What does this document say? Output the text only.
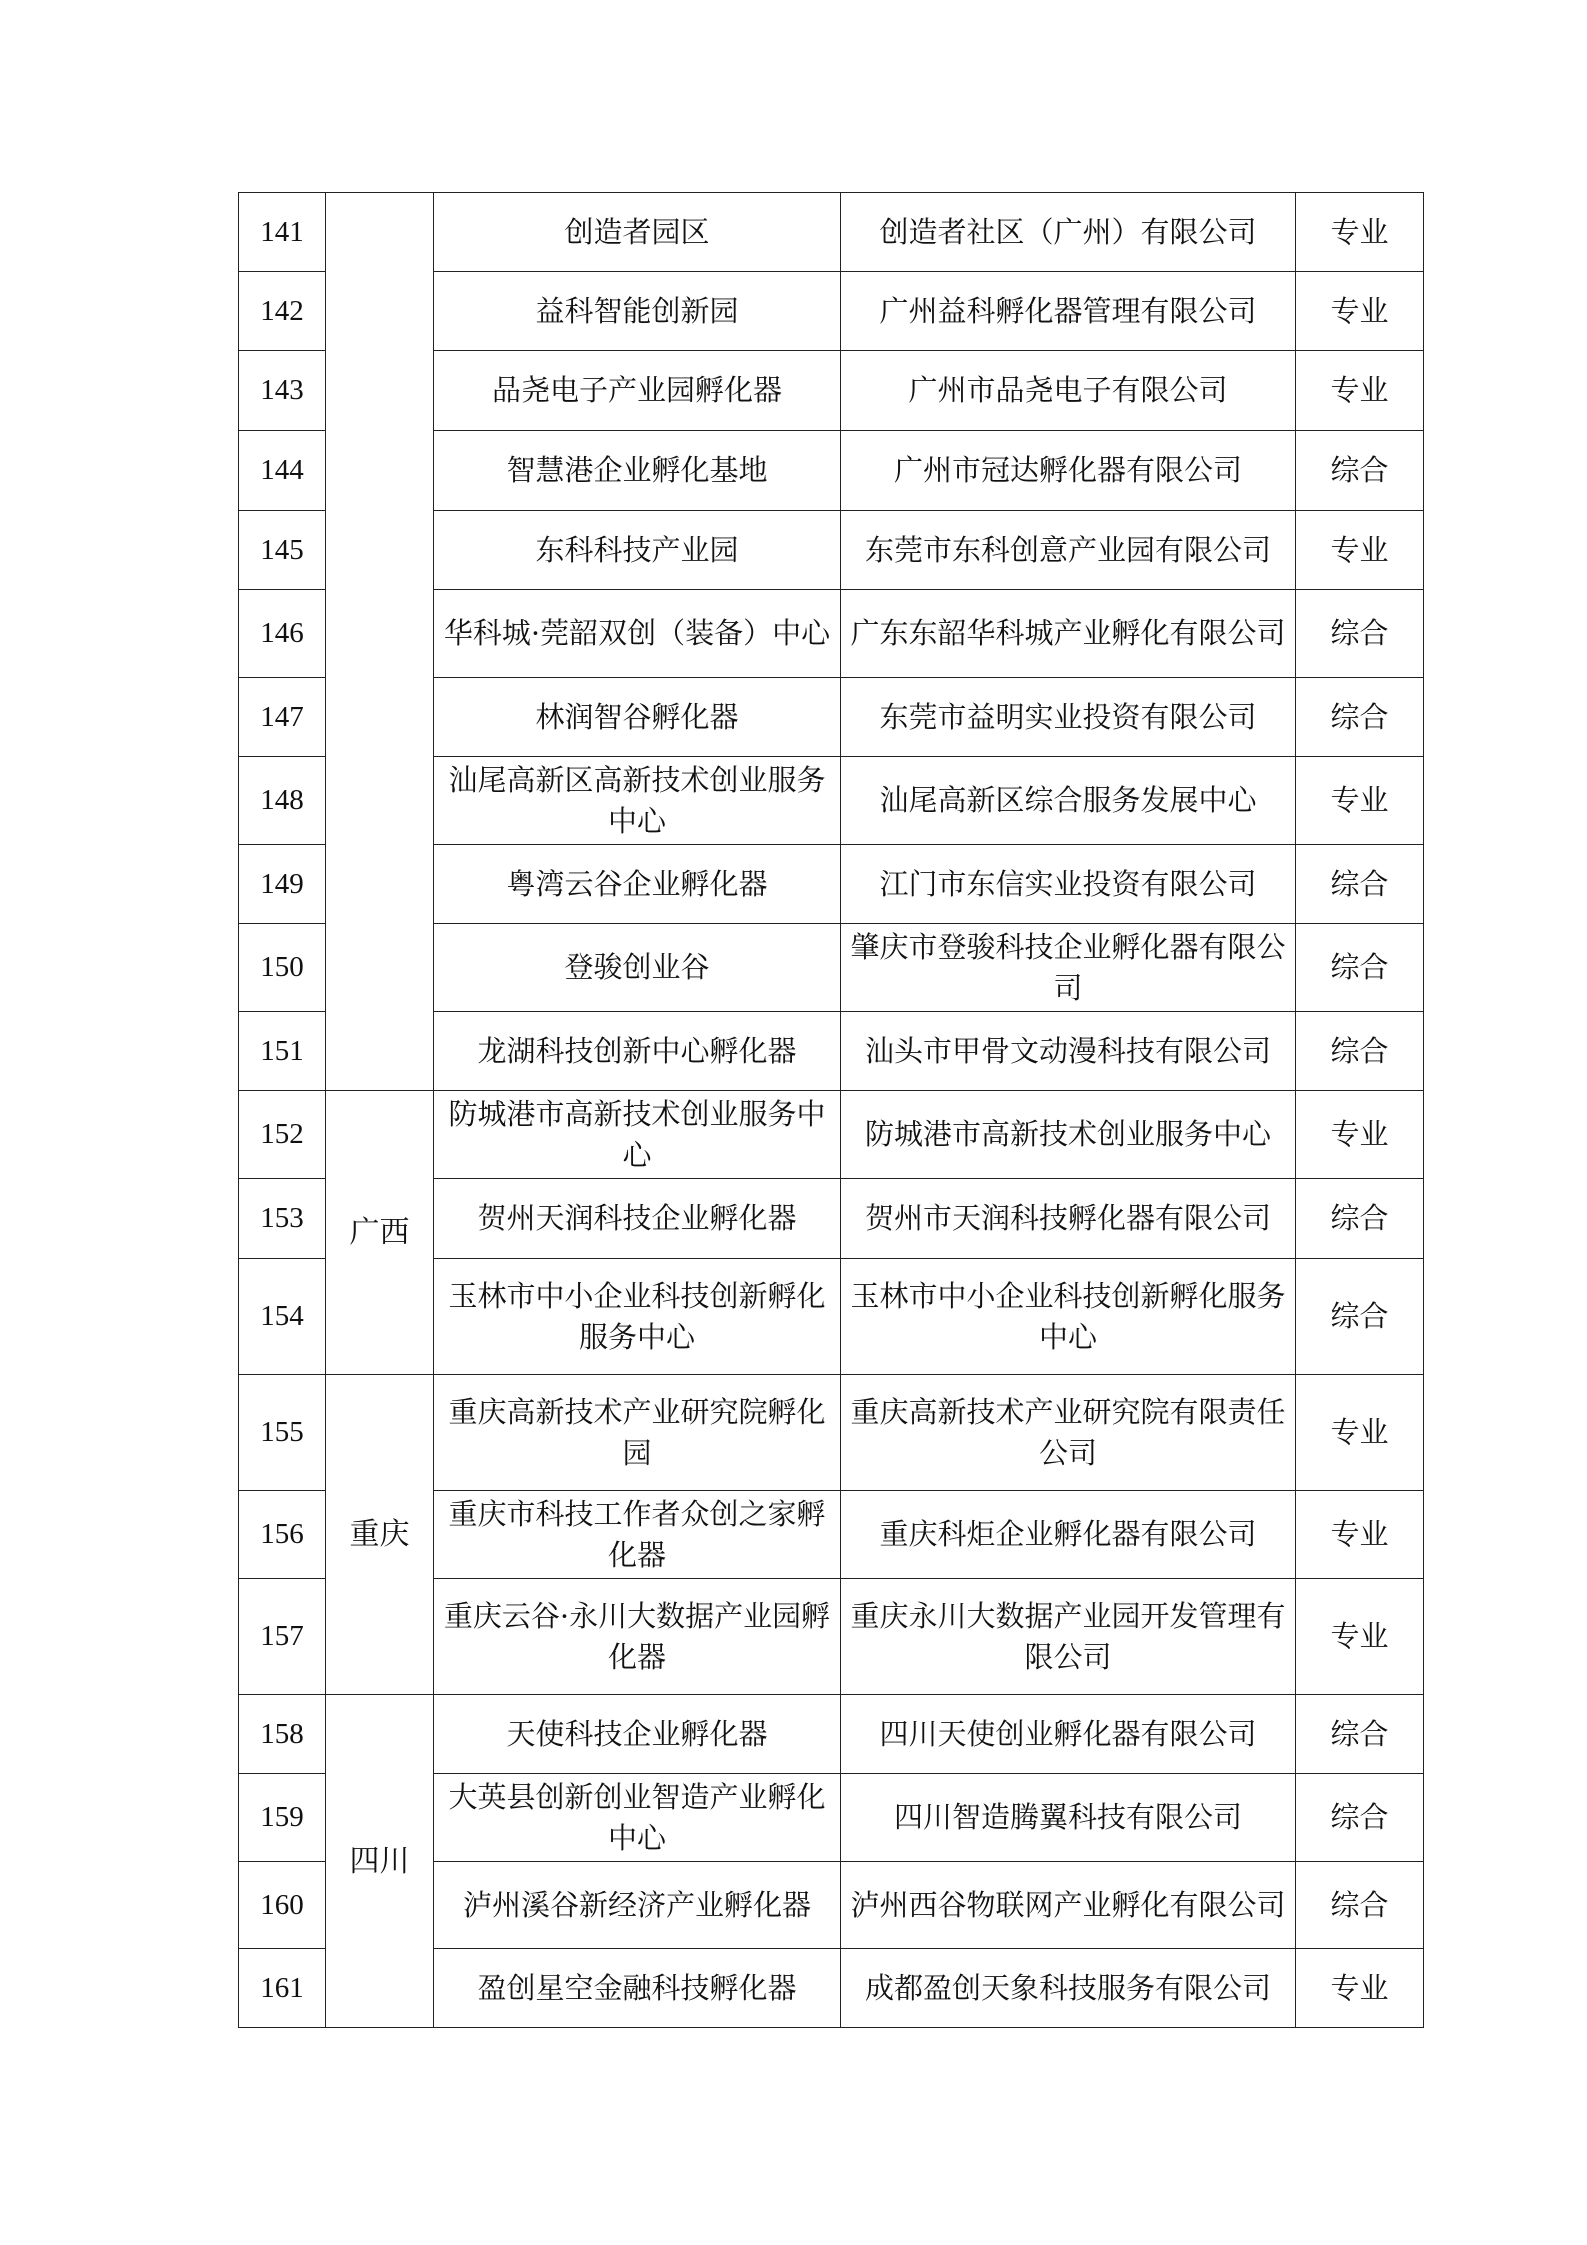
141		创造者园区	创造者社区（广州）有限公司	专业
142		益科智能创新园	广州益科孵化器管理有限公司	专业
143		品尧电子产业园孵化器	广州市品尧电子有限公司	专业
144		智慧港企业孵化基地	广州市冠达孵化器有限公司	综合
145		东科科技产业园	东莞市东科创意产业园有限公司	专业
146		华科城·莞韶双创（装备）中心	广东东韶华科城产业孵化有限公司	综合
147		林润智谷孵化器	东莞市益明实业投资有限公司	综合
148		汕尾高新区高新技术创业服务中心	汕尾高新区综合服务发展中心	专业
149		粤湾云谷企业孵化器	江门市东信实业投资有限公司	综合
150		登骏创业谷	肇庆市登骏科技企业孵化器有限公司	综合
151		龙湖科技创新中心孵化器	汕头市甲骨文动漫科技有限公司	综合
152	广西	防城港市高新技术创业服务中心	防城港市高新技术创业服务中心	专业
153		贺州天润科技企业孵化器	贺州市天润科技孵化器有限公司	综合
154		玉林市中小企业科技创新孵化服务中心	玉林市中小企业科技创新孵化服务中心	综合
155	重庆	重庆高新技术产业研究院孵化园	重庆高新技术产业研究院有限责任公司	专业
156		重庆市科技工作者众创之家孵化器	重庆科炬企业孵化器有限公司	专业
157		重庆云谷·永川大数据产业园孵化器	重庆永川大数据产业园开发管理有限公司	专业
158	四川	天使科技企业孵化器	四川天使创业孵化器有限公司	综合
159		大英县创新创业智造产业孵化中心	四川智造腾翼科技有限公司	综合
160		泸州溪谷新经济产业孵化器	泸州西谷物联网产业孵化有限公司	综合
161		盈创星空金融科技孵化器	成都盈创天象科技服务有限公司	专业
